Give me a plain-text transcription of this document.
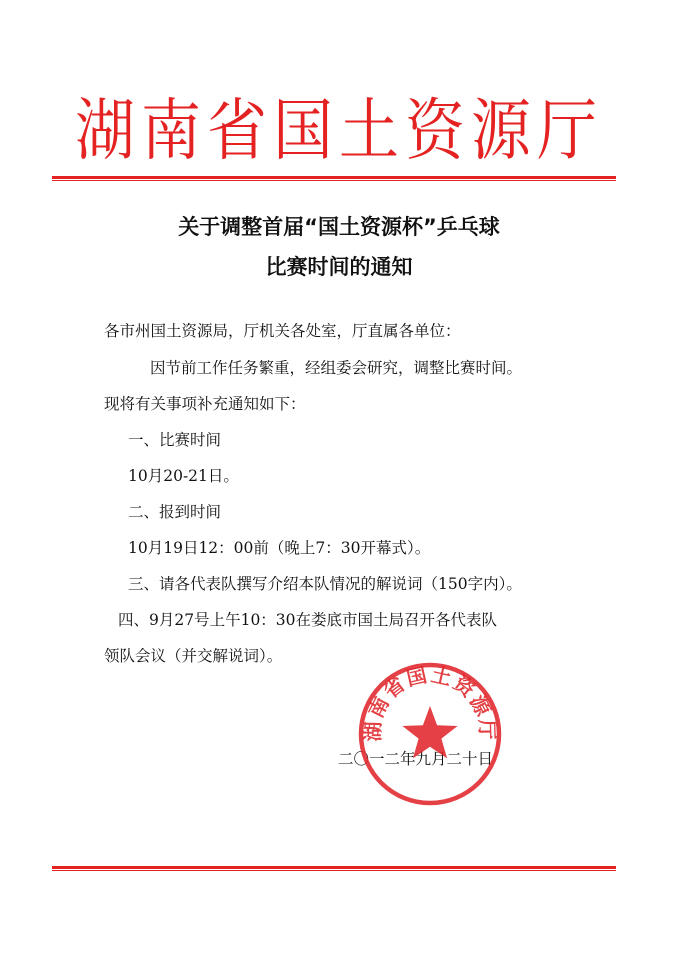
湖南省国土资源厅
关于调整首届“国土资源杯”乒乓球
比赛时间的通知
各市州国土资源局，厅机关各处室，厅直属各单位：
因节前工作任务繁重，经组委会研究，调整比赛时间。
现将有关事项补充通知如下：
一、比赛时间
10月20-21日。
二、报到时间
10月19日12：00前（晚上7：30开幕式）。
三、请各代表队撰写介绍本队情况的解说词（150字内）。
四、9月27号上午10：30在娄底市国土局召开各代表队
领队会议（并交解说词）。
二〇一二年九月二十日
湖南省国土资源厅
